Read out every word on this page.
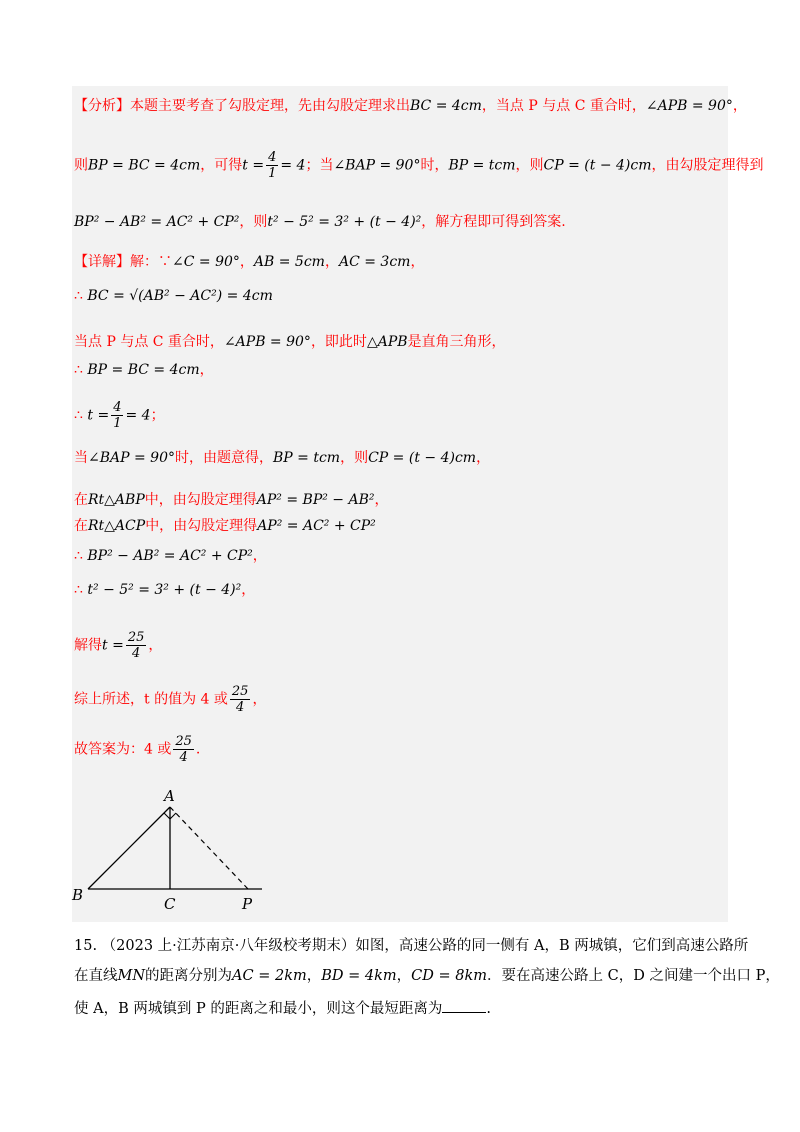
【分析】本题主要考查了勾股定理，先由勾股定理求出BC = 4cm，当点 P 与点 C 重合时，∠APB = 90°，
则BP = BC = 4cm，可得$t = \frac{4}{1} = 4$；当∠BAP = 90°时，BP = tcm，则CP = (t − 4)cm，由勾股定理得到
BP² − AB² = AC² + CP²，则t² − 5² = 3² + (t − 4)²，解方程即可得到答案.
【详解】解：∵∠C = 90°，AB = 5cm，AC = 3cm，
∴ BC = √(AB² − AC²) = 4cm
当点 P 与点 C 重合时，∠APB = 90°，即此时△APB是直角三角形，
∴ BP = BC = 4cm，
∴ $t = \frac{4}{1} = 4$；
当∠BAP = 90°时，由题意得，BP = tcm，则CP = (t − 4)cm，
在Rt△ABP中，由勾股定理得AP² = BP² − AB²，
在Rt△ACP中，由勾股定理得AP² = AC² + CP²
∴ BP² − AB² = AC² + CP²，
∴ t² − 5² = 3² + (t − 4)²，
解得$t = \frac{25}{4}$ ，
综上所述，t 的值为 4 或 $\frac{25}{4}$ ，
故答案为：4 或 $\frac{25}{4}$ .
A
B	C	P
15. （2023 上·江苏南京·八年级校考期末）如图，高速公路的同一侧有 A，B 两城镇，它们到高速公路所
在直线MN的距离分别为AC = 2km，BD = 4km，CD = 8km．要在高速公路上 C，D 之间建一个出口 P，
使 A，B 两城镇到 P 的距离之和最小，则这个最短距离为	.
